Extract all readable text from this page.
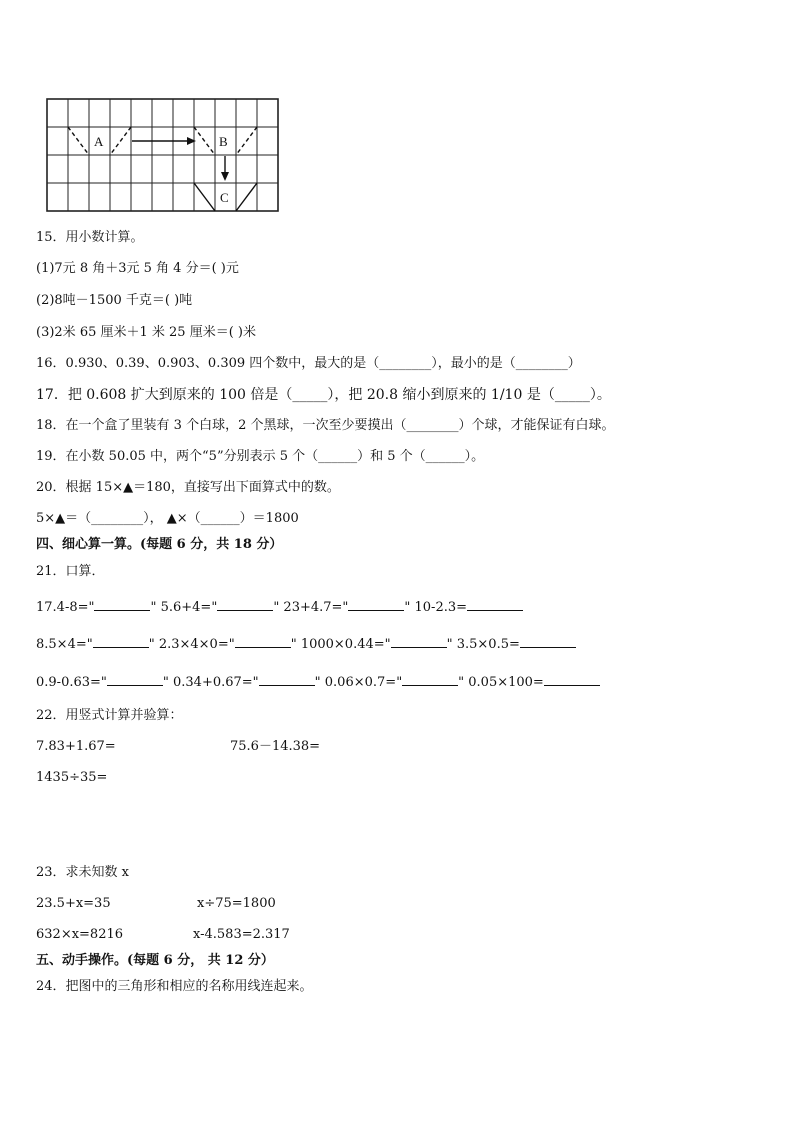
A	B
C
15．用小数计算。
(1)7元 8 角＋3元 5 角 4 分＝( )元
(2)8吨－1500 千克＝( )吨
(3)2米 65 厘米＋1 米 25 厘米＝( )米
16．0.930、0.39、0.903、0.309 四个数中，最大的是（________），最小的是（________）
17．把 0.608 扩大到原来的 100 倍是（_____），把 20.8 缩小到原来的 1/10 是（_____）。
18．在一个盒了里装有 3 个白球，2 个黑球，一次至少要摸出（________）个球，才能保证有白球。
19．在小数 50.05 中，两个“5”分别表示 5 个（______）和 5 个（______）。
20．根据 15×▲＝180，直接写出下面算式中的数。
5×▲＝（________）， ▲×（______）＝1800
四、细心算一算。(每题 6 分，共 18 分）
21．口算．
17.4-8="	" 5.6+4="	" 23+4.7="	" 10-2.3=
8.5×4="	" 2.3×4×0="	" 1000×0.44="	" 3.5×0.5=
0.9-0.63="	" 0.34+0.67="	" 0.06×0.7="	" 0.05×100=
22．用竖式计算并验算：
7.83+1.67=	75.6－14.38=
1435÷35=
23．求未知数 x
23.5+x=35	x÷75=1800
632×x=8216	x-4.583=2.317
五、动手操作。(每题 6 分， 共 12 分）
24．把图中的三角形和相应的名称用线连起来。
